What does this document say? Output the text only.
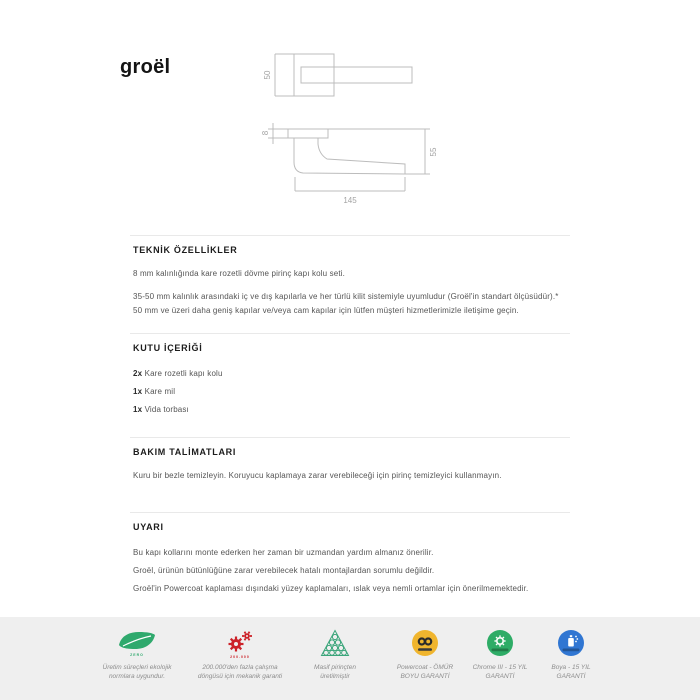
groël	50
8
55
145
TEKNİK ÖZELLİKLER

8 mm kalınlığında kare rozetli dövme pirinç kapı kolu seti.

35-50 mm kalınlık arasındaki iç ve dış kapılarla ve her türlü kilit sistemiyle uyumludur (Groël'in standart ölçüsüdür).*

50 mm ve üzeri daha geniş kapılar ve/veya cam kapılar için lütfen müşteri hizmetlerimizle iletişime geçin.

KUTU İÇERİĞİ
2x Kare rozetli kapı kolu
1x Kare mil
1x Vida torbası
BAKIM TALİMATLARI

Kuru bir bezle temizleyin. Koruyucu kaplamaya zarar verebileceği için pirinç temizleyici kullanmayın.

UYARI

Bu kapı kollarını monte ederken her zaman bir uzmandan yardım almanız önerilir.

Groël, ürünün bütünlüğüne zarar verebilecek hatalı montajlardan sorumlu değildir.

Groël'in Powercoat kaplaması dışındaki yüzey kaplamaları, ıslak veya nemli ortamlar için önerilmemektedir.

ZERO
Üretim süreçleri ekolojik normlara uygundur.
200.000
200.000'den fazla çalışma döngüsü için mekanik garanti
Masif pirinçten üretilmiştir
Powercoat - ÖMÜR BOYU GARANTİ
Chrome III - 15 YIL GARANTİ
Boya - 15 YIL GARANTİ
